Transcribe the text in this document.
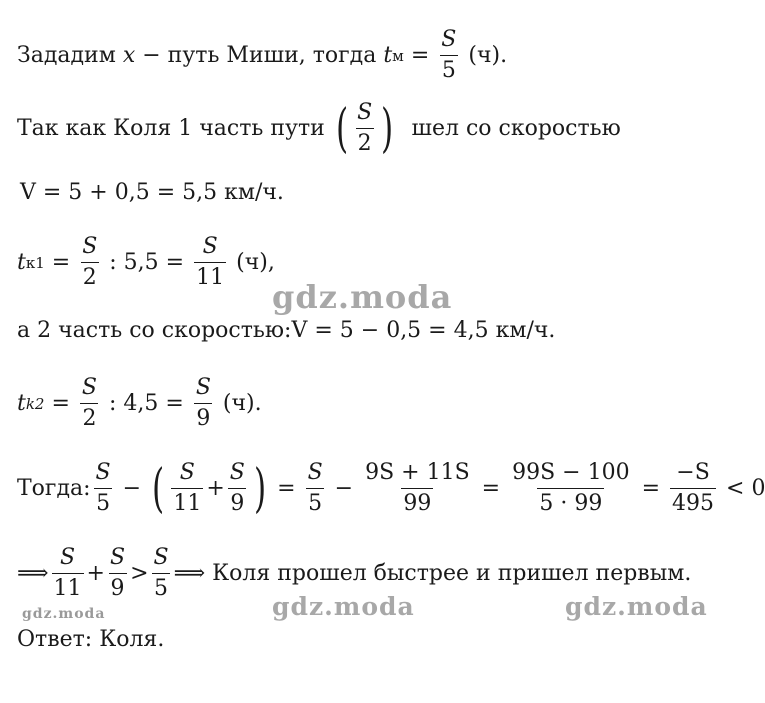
Зададим
x − путь Миши, тогда
t $м = \frac{S}{5}$
(ч).
Так как Коля 1 часть пути
( $\frac{S}{2}$ )
шел со скоростью
V = 5 + 0,5 = 5,5 км/ч.
t $к1 = \frac{S}{2}$
: 5,5 =
$\frac{S}{11}$
(ч),
а 2 часть со скоростью: V = 5 − 0,5 = 4,5 км/ч.
t $k2 = \frac{S}{2}$
: 4,5 =
$\frac{S}{9}$
(ч).
Тогда: $\frac{S}{5}$ − ( $\frac{S}{11} + \frac{S}{9}$ ) = $\frac{S}{5} - \frac{9S + 11S}{99} = \frac{99S - 100}{5 \cdot 99} = \frac{-S}{495}$
< 0
⟹ $\frac{S}{11} + \frac{S}{9} > \frac{S}{5}$ ⟹
Коля прошел быстрее и пришел первым.
Ответ: Коля.
gdz.moda
gdz.moda	gdz.moda	gdz.moda
